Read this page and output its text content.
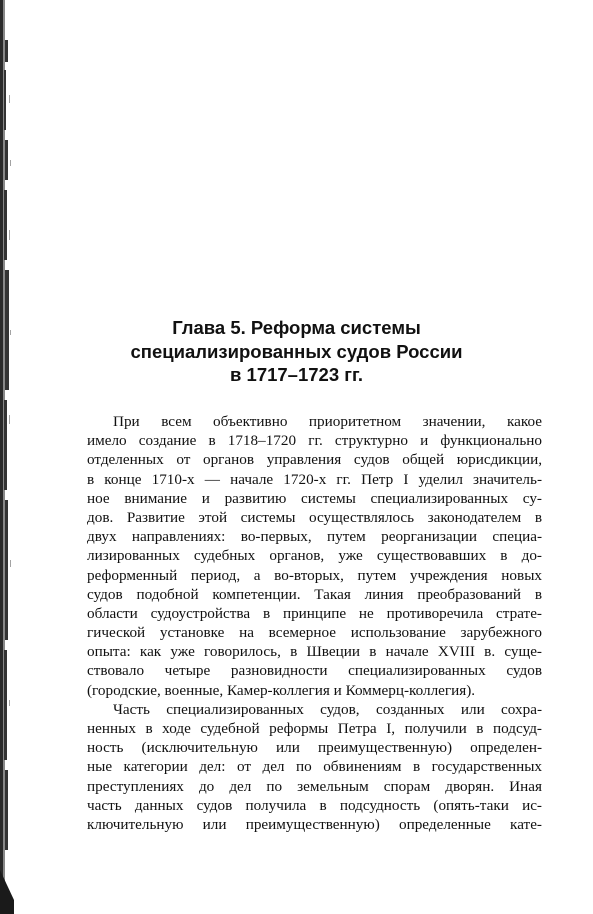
Глава 5. Реформа системы
специализированных судов России
в 1717–1723 гг.
При всем объективно приоритетном значении, какое
имело создание в 1718–1720 гг. структурно и функционально
отделенных от органов управления судов общей юрисдикции,
в конце 1710-х — начале 1720-х гг. Петр I уделил значитель-
ное внимание и развитию системы специализированных су-
дов. Развитие этой системы осуществлялось законодателем в
двух направлениях: во-первых, путем реорганизации специа-
лизированных судебных органов, уже существовавших в до-
реформенный период, а во-вторых, путем учреждения новых
судов подобной компетенции. Такая линия преобразований в
области судоустройства в принципе не противоречила страте-
гической установке на всемерное использование зарубежного
опыта: как уже говорилось, в Швеции в начале XVIII в. суще-
ствовало четыре разновидности специализированных судов
(городские, военные, Камер-коллегия и Коммерц-коллегия).
Часть специализированных судов, созданных или сохра-
ненных в ходе судебной реформы Петра I, получили в подсуд-
ность (исключительную или преимущественную) определен-
ные категории дел: от дел по обвинениям в государственных
преступлениях до дел по земельным спорам дворян. Иная
часть данных судов получила в подсудность (опять-таки ис-
ключительную или преимущественную) определенные кате-
